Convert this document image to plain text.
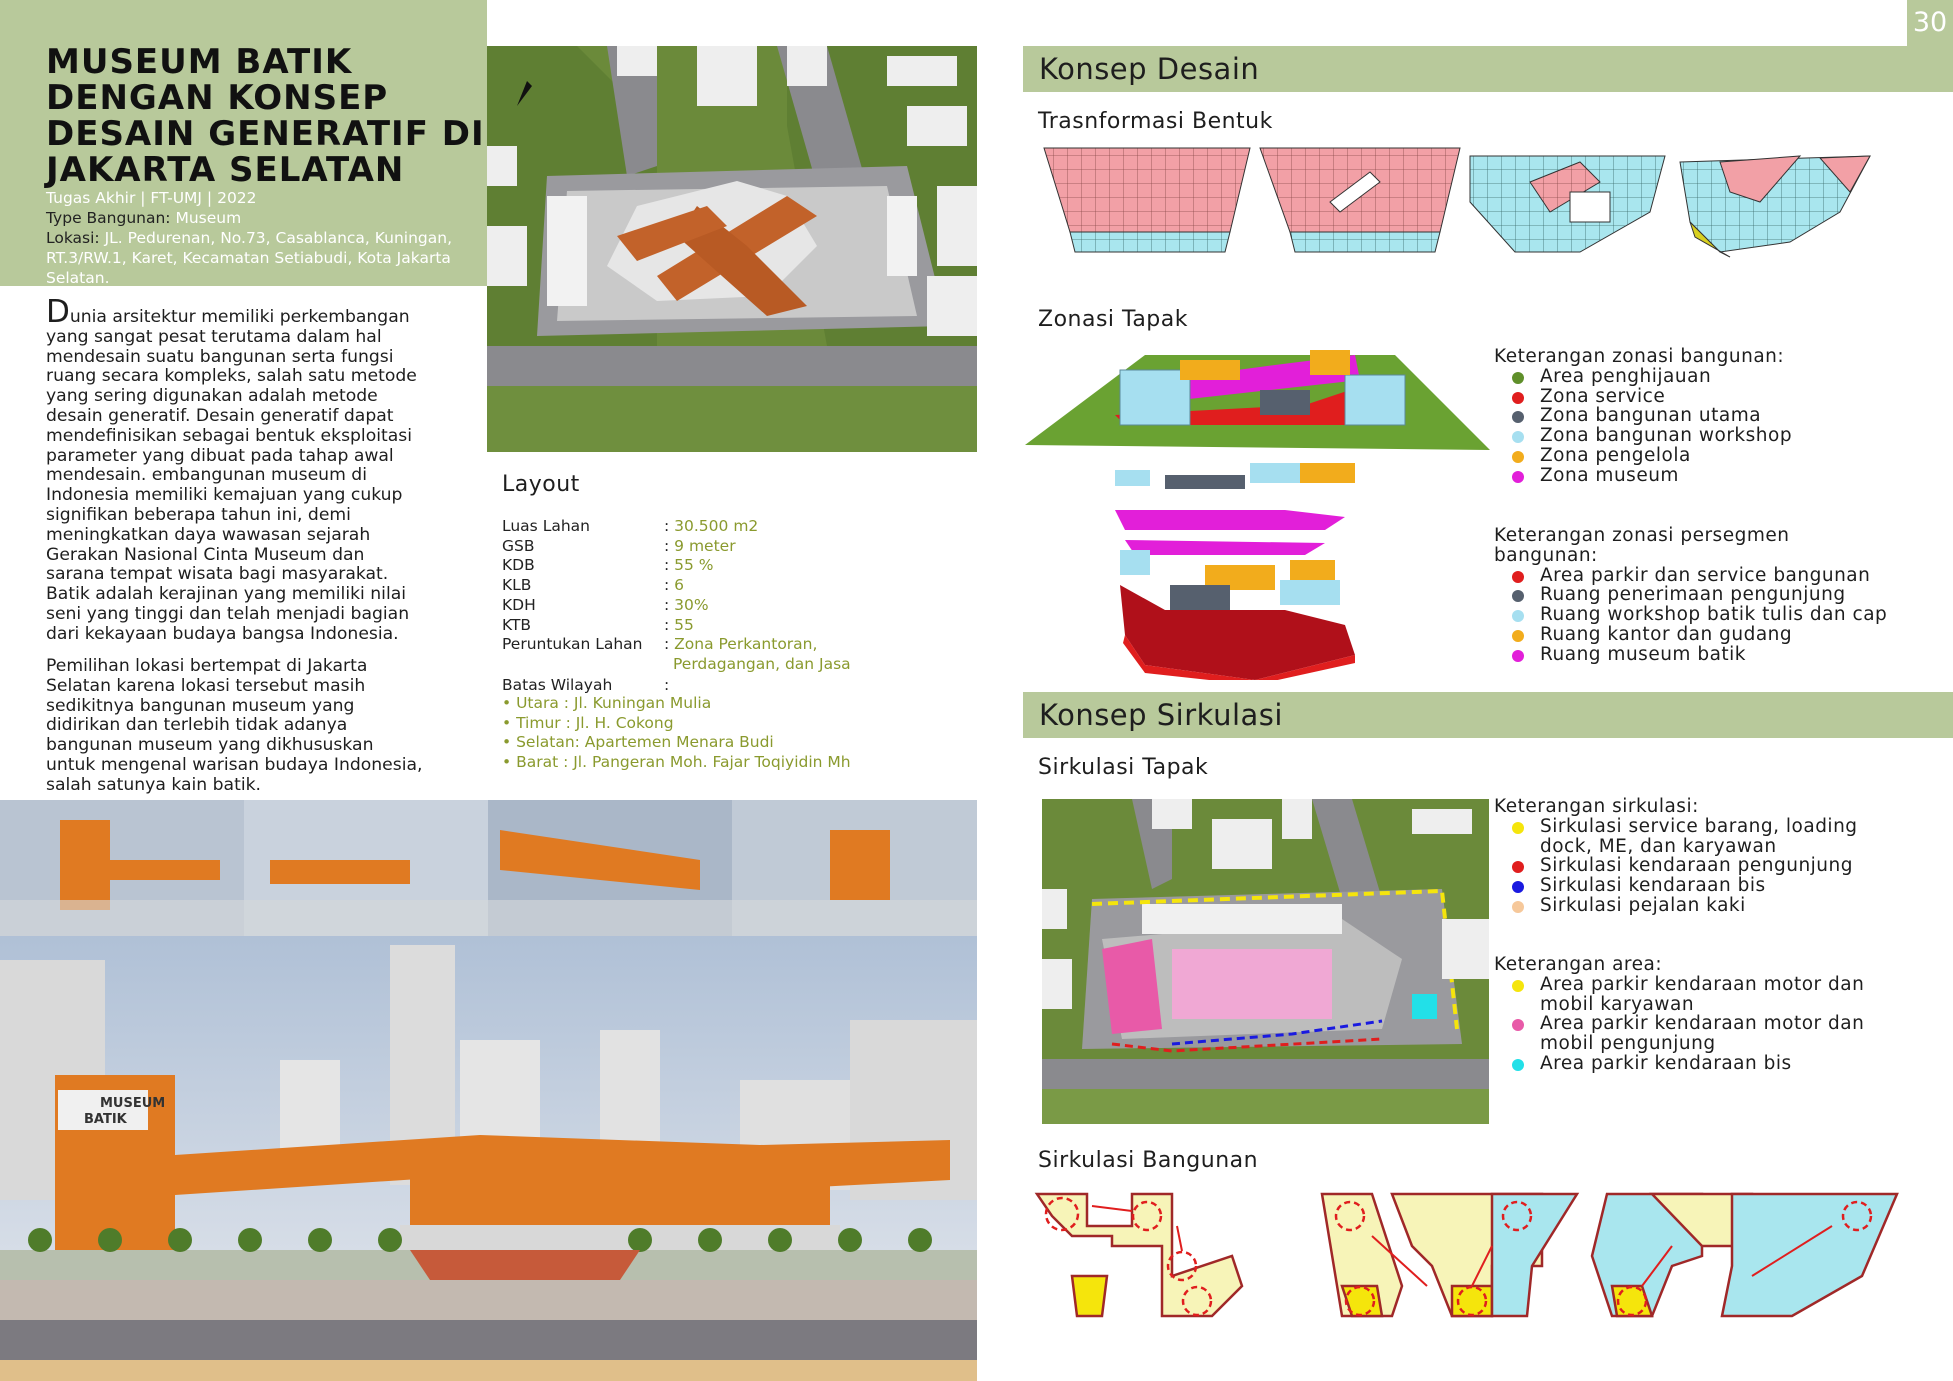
30
MUSEUM BATIK
DENGAN KONSEP
DESAIN GENERATIF DI
JAKARTA SELATAN
Tugas Akhir | FT-UMJ | 2022
Type Bangunan: Museum
Lokasi: JL. Pedurenan, No.73, Casablanca, Kuningan, RT.3/RW.1, Karet, Kecamatan Setiabudi, Kota Jakarta Selatan.
Dunia arsitektur memiliki perkembangan
yang sangat pesat terutama dalam hal
mendesain suatu bangunan serta fungsi
ruang secara kompleks, salah satu metode
yang sering digunakan adalah metode
desain generatif. Desain generatif dapat
mendefinisikan sebagai bentuk eksploitasi
parameter yang dibuat pada tahap awal
mendesain. embangunan museum di
Indonesia memiliki kemajuan yang cukup
signifikan beberapa tahun ini, demi
meningkatkan daya wawasan sejarah
Gerakan Nasional Cinta Museum dan
sarana tempat wisata bagi masyarakat.
Batik adalah kerajinan yang memiliki nilai
seni yang tinggi dan telah menjadi bagian
dari kekayaan budaya bangsa Indonesia.
Pemilihan lokasi bertempat di Jakarta
Selatan karena lokasi tersebut masih
sedikitnya bangunan museum yang
didirikan dan terlebih tidak adanya
bangunan museum yang dikhususkan
untuk mengenal warisan budaya Indonesia,
salah satunya kain batik.
Layout
Luas Lahan	: 30.500 m2
GSB	: 9 meter
KDB	: 55 %
KLB	: 6
KDH	: 30%
KTB	: 55
Peruntukan Lahan	: Zona Perkantoran,
Perdagangan, dan Jasa
Batas Wilayah	:
• Utara : Jl. Kuningan Mulia
• Timur : Jl. H. Cokong
• Selatan: Apartemen Menara Budi
• Barat : Jl. Pangeran Moh. Fajar Toqiyidin Mh
MUSEUM
BATIK
Konsep Desain
Trasnformasi Bentuk
Zonasi Tapak
Keterangan zonasi bangunan:
Area penghijauan
Zona service
Zona bangunan utama
Zona bangunan workshop
Zona pengelola
Zona museum
Keterangan zonasi persegmen
bangunan:
Area parkir dan service bangunan
Ruang penerimaan pengunjung
Ruang workshop batik tulis dan cap
Ruang kantor dan gudang
Ruang museum batik
Konsep Sirkulasi
Sirkulasi Tapak
Keterangan sirkulasi:
Sirkulasi service barang, loading
dock, ME, dan karyawan
Sirkulasi kendaraan pengunjung
Sirkulasi kendaraan bis
Sirkulasi pejalan kaki
Keterangan area:
Area parkir kendaraan motor dan
mobil karyawan
Area parkir kendaraan motor dan
mobil pengunjung
Area parkir kendaraan bis
Sirkulasi Bangunan
